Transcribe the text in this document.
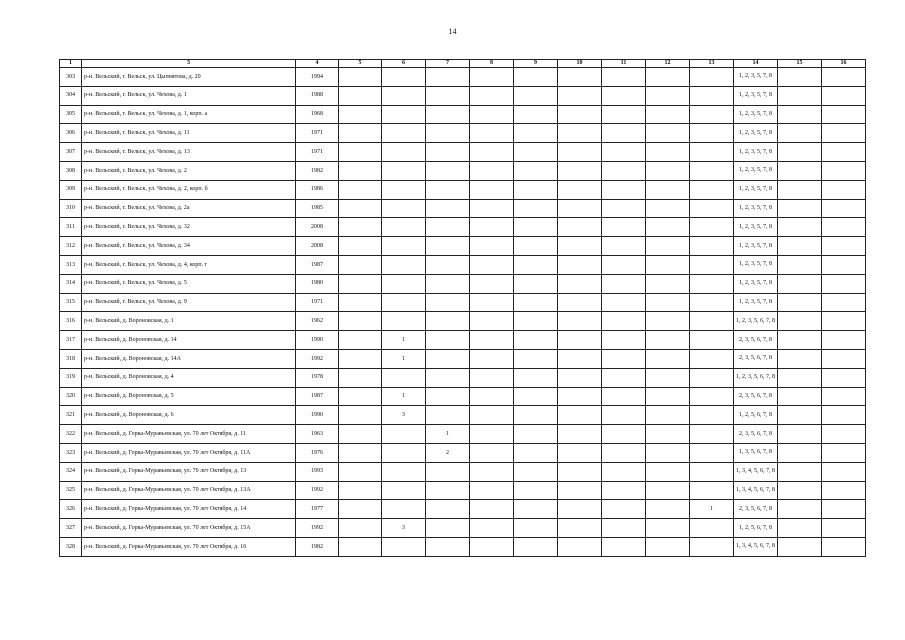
14
1	3	4	5	6	7	8	9	10	11	12	13	14	15	16
303	р-н. Вельский, г. Вельск, ул. Цыпнятова, д. 20	1994										1, 2, 3, 5, 7, 8		
304	р-н. Вельский, г. Вельск, ул. Чехова, д. 1	1988										1, 2, 3, 5, 7, 8		
305	р-н. Вельский, г. Вельск, ул. Чехова, д. 1, корп. а	1968										1, 2, 3, 5, 7, 8		
306	р-н. Вельский, г. Вельск, ул. Чехова, д. 11	1971										1, 2, 3, 5, 7, 8		
307	р-н. Вельский, г. Вельск, ул. Чехова, д. 13	1971										1, 2, 3, 5, 7, 8		
308	р-н. Вельский, г. Вельск, ул. Чехова, д. 2	1982										1, 2, 3, 5, 7, 8		
309	р-н. Вельский, г. Вельск, ул. Чехова, д. 2, корп. б	1986										1, 2, 3, 5, 7, 8		
310	р-н. Вельский, г. Вельск, ул. Чехова, д. 2а	1985										1, 2, 3, 5, 7, 8		
311	р-н. Вельский, г. Вельск, ул. Чехова, д. 32	2008										1, 2, 3, 5, 7, 8		
312	р-н. Вельский, г. Вельск, ул. Чехова, д. 34	2008										1, 2, 3, 5, 7, 8		
313	р-н. Вельский, г. Вельск, ул. Чехова, д. 4, корп. г	1987										1, 2, 3, 5, 7, 8		
314	р-н. Вельский, г. Вельск, ул. Чехова, д. 5	1980										1, 2, 3, 5, 7, 8		
315	р-н. Вельский, г. Вельск, ул. Чехова, д. 9	1971										1, 2, 3, 5, 7, 8		
316	р-н. Вельский, д. Вороновская, д. 1	1962										1, 2, 3, 5, 6, 7, 8		
317	р-н. Вельский, д. Вороновская, д. 14	1990		1								2, 3, 5, 6, 7, 8		
318	р-н. Вельский, д. Вороновская, д. 14А	1992		1								2, 3, 5, 6, 7, 8		
319	р-н. Вельский, д. Вороновская, д. 4	1978										1, 2, 3, 5, 6, 7, 8		
320	р-н. Вельский, д. Вороновская, д. 5	1987		1								2, 3, 5, 6, 7, 8		
321	р-н. Вельский, д. Вороновская, д. 6	1990		3								1, 2, 5, 6, 7, 8		
322	р-н. Вельский, д. Горка-Муравьевская, ул. 70 лет Октября, д. 11	1963			1							2, 3, 5, 6, 7, 8		
323	р-н. Вельский, д. Горка-Муравьевская, ул. 70 лет Октября, д. 11А	1976			2							1, 3, 5, 6, 7, 8		
324	р-н. Вельский, д. Горка-Муравьевская, ул. 70 лет Октября, д. 13	1993										1, 3, 4, 5, 6, 7, 8		
325	р-н. Вельский, д. Горка-Муравьевская, ул. 70 лет Октября, д. 13А	1992										1, 3, 4, 5, 6, 7, 8		
326	р-н. Вельский, д. Горка-Муравьевская, ул. 70 лет Октября, д. 14	1977									1	2, 3, 5, 6, 7, 8		
327	р-н. Вельский, д. Горка-Муравьевская, ул. 70 лет Октября, д. 15А	1992		3								1, 2, 5, 6, 7, 8		
328	р-н. Вельский, д. Горка-Муравьевская, ул. 70 лет Октября, д. 16	1982										1, 3, 4, 5, 6, 7, 8		
